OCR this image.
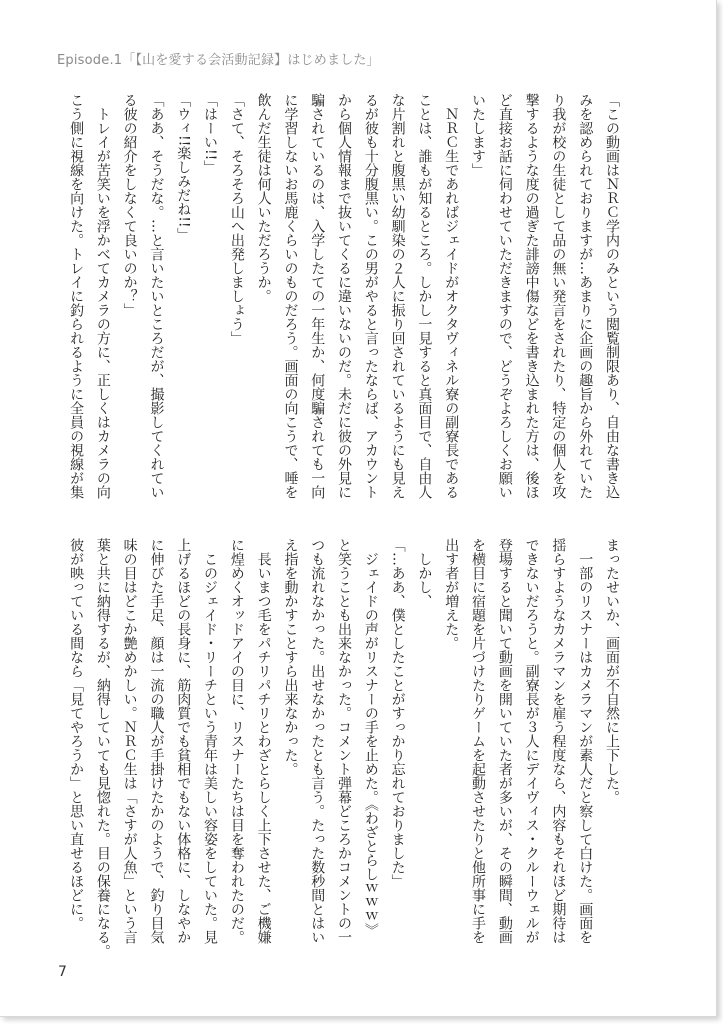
Episode.1「【山を愛する会活動記録】はじめました」
「この動画はＮＲＣ学内のみという閲覧制限あり、自由な書き込
みを認められておりますが…あまりに企画の趣旨から外れていた
り我が校の生徒として品の無い発言をされたり、特定の個人を攻
撃するような度の過ぎた誹謗中傷などを書き込まれた方は、後ほ
ど直接お話に伺わせていただきますので、どうぞよろしくお願い
いたします」
　ＮＲＣ生であればジェイドがオクタヴィネル寮の副寮長である
ことは、誰もが知るところ。しかし一見すると真面目で、自由人
な片割れと腹黒い幼馴染の２人に振り回されているようにも見え
るが彼も十分腹黒い。この男がやると言ったならば、アカウント
から個人情報まで抜いてくるに違いないのだ。未だに彼の外見に
騙されているのは、入学したての一年生か、何度騙されても一向
に学習しないお馬鹿くらいのものだろう。画面の向こうで、唾を
飲んだ生徒は何人いただろうか。
「さて、そろそろ山へ出発しましょう」
「はーい!!」
「ウィ!!楽しみだね!!」
「ああ、そうだな。…と言いたいところだが、撮影してくれてい
る彼の紹介をしなくて良いのか？」
　トレイが苦笑いを浮かべてカメラの方に、正しくはカメラの向
こう側に視線を向けた。トレイに釣られるように全員の視線が集
まったせいか、画面が不自然に上下した。
　一部のリスナーはカメラマンが素人だと察して白けた。画面を
揺らすようなカメラマンを雇う程度なら、内容もそれほど期待は
できないだろうと。副寮長が３人にデイヴィス・クルーウェルが
登場すると聞いて動画を開いていた者が多いが、その瞬間、動画
を横目に宿題を片づけたりゲームを起動させたりと他所事に手を
出す者が増えた。
　しかし、
「…ああ、僕としたことがすっかり忘れておりました」
　ジェイドの声がリスナーの手を止めた。《わざとらしｗｗｗ》
と笑うことも出来なかった。コメント弾幕どころかコメントの一
つも流れなかった。出せなかったとも言う。たった数秒間とはい
え指を動かすことすら出来なかった。
　長いまつ毛をパチリパチリとわざとらしく上下させた、ご機嫌
に煌めくオッドアイの目に、リスナーたちは目を奪われたのだ。
　このジェイド・リーチという青年は美しい容姿をしていた。見
上げるほどの長身に、筋肉質でも貧相でもない体格に、しなやか
に伸びた手足、顔は一流の職人が手掛けたかのようで、釣り目気
味の目はどこか艶めかしい。ＮＲＣ生は「さすが人魚」という言
葉と共に納得するが、納得していても見惚れた。目の保養になる。
彼が映っている間なら「見てやろうか」と思い直せるほどに。
7
